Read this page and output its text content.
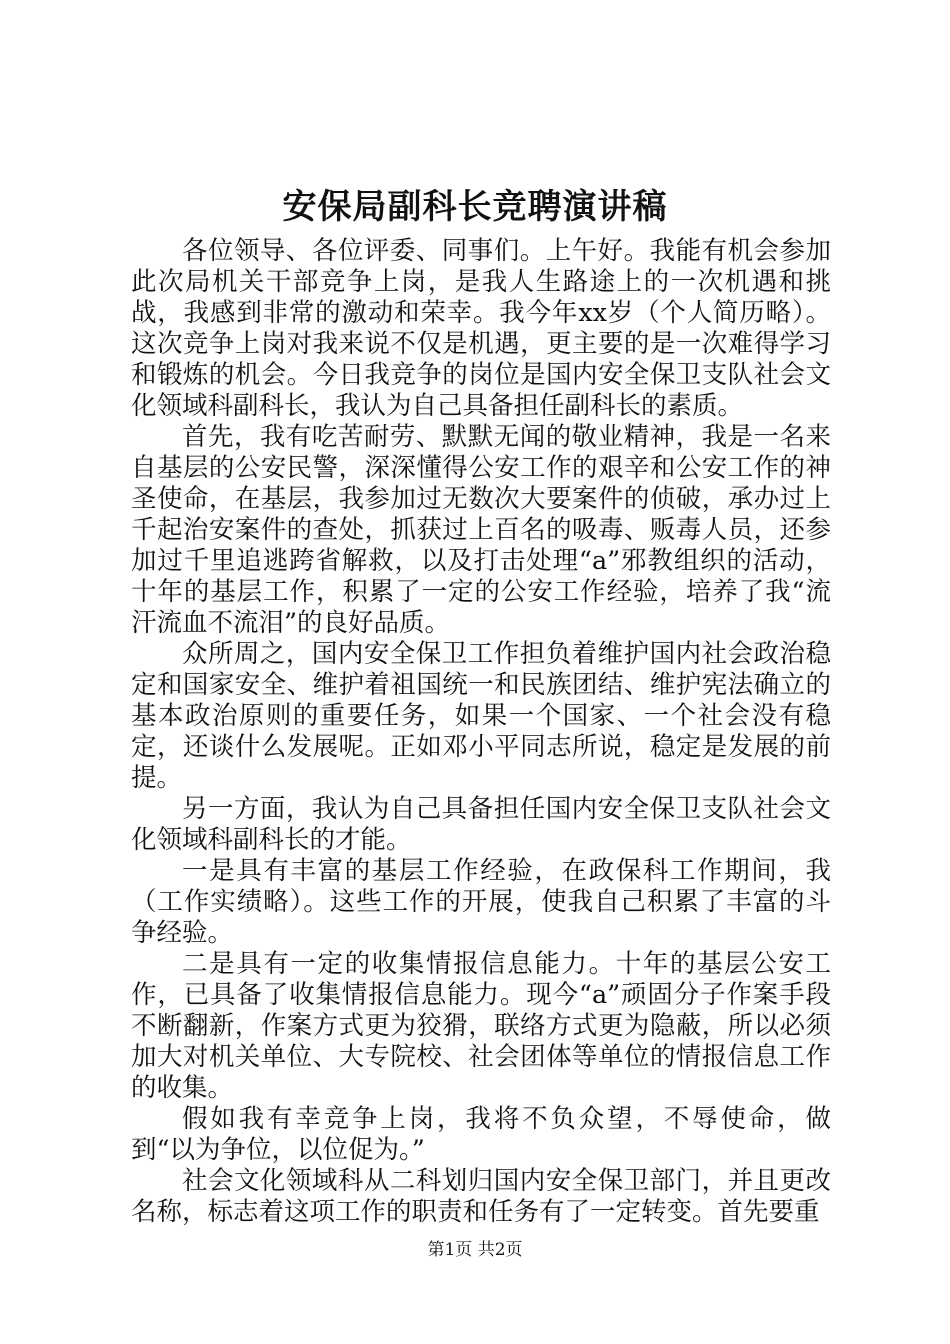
安保局副科长竞聘演讲稿

各位领导、各位评委、同事们。上午好。我能有机会参加此次局机关干部竞争上岗，是我人生路途上的一次机遇和挑战，我感到非常的激动和荣幸。我今年xx岁（个人简历略）。这次竞争上岗对我来说不仅是机遇，更主要的是一次难得学习和锻炼的机会。今日我竞争的岗位是国内安全保卫支队社会文化领域科副科长，我认为自己具备担任副科长的素质。

首先，我有吃苦耐劳、默默无闻的敬业精神，我是一名来自基层的公安民警，深深懂得公安工作的艰辛和公安工作的神圣使命，在基层，我参加过无数次大要案件的侦破，承办过上千起治安案件的查处，抓获过上百名的吸毒、贩毒人员，还参加过千里追逃跨省解救，以及打击处理“a”邪教组织的活动，十年的基层工作，积累了一定的公安工作经验，培养了我“流汗流血不流泪”的良好品质。

众所周之，国内安全保卫工作担负着维护国内社会政治稳定和国家安全、维护着祖国统一和民族团结、维护宪法确立的基本政治原则的重要任务，如果一个国家、一个社会没有稳定，还谈什么发展呢。正如邓小平同志所说，稳定是发展的前提。

另一方面，我认为自己具备担任国内安全保卫支队社会文化领域科副科长的才能。

一是具有丰富的基层工作经验，在政保科工作期间，我（工作实绩略）。这些工作的开展，使我自己积累了丰富的斗争经验。

二是具有一定的收集情报信息能力。十年的基层公安工作，已具备了收集情报信息能力。现今“a”顽固分子作案手段不断翻新，作案方式更为狡猾，联络方式更为隐蔽，所以必须加大对机关单位、大专院校、社会团体等单位的情报信息工作的收集。

假如我有幸竞争上岗，我将不负众望，不辱使命，做到“以为争位，以位促为。”

社会文化领域科从二科划归国内安全保卫部门，并且更改名称，标志着这项工作的职责和任务有了一定转变。首先要重

第1页 共2页
